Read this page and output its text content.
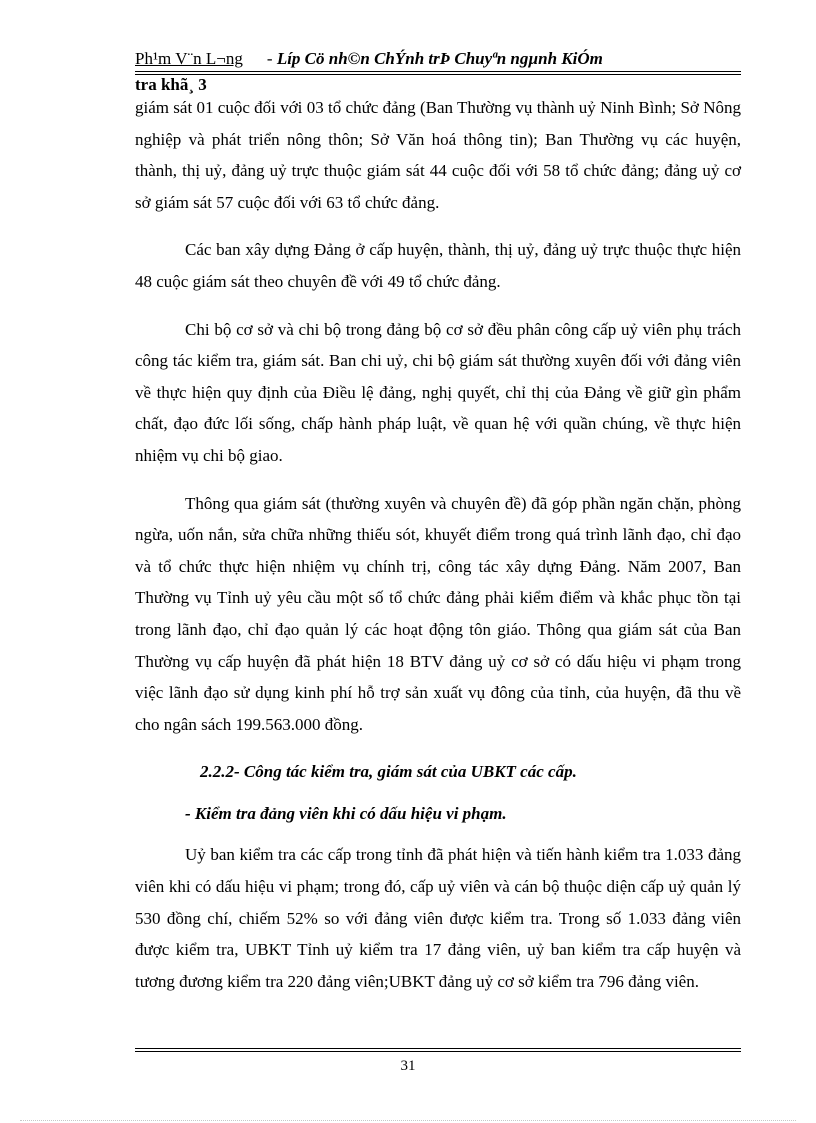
Ph¹m V¨n L¬ng - Líp Cö nh©n ChÝnh trÞ Chuyªn ngµnh KiÓm
tra khã¸ 3

giám sát 01 cuộc đối với 03 tổ chức đảng (Ban Thường vụ thành uỷ Ninh Bình; Sở Nông nghiệp và phát triển nông thôn; Sở Văn hoá thông tin); Ban Thường vụ các huyện, thành, thị uỷ, đảng uỷ trực thuộc giám sát 44 cuộc đối với 58 tổ chức đảng; đảng uỷ cơ sở giám sát 57 cuộc đối với 63 tổ chức đảng.

Các ban xây dựng Đảng ở cấp huyện, thành, thị uỷ, đảng uỷ trực thuộc thực hiện 48 cuộc giám sát theo chuyên đề với 49 tổ chức đảng.

Chi bộ cơ sở và chi bộ trong đảng bộ cơ sở đều phân công cấp uỷ viên phụ trách công tác kiểm tra, giám sát. Ban chi uỷ, chi bộ giám sát thường xuyên đối với đảng viên về thực hiện quy định của Điều lệ đảng, nghị quyết, chỉ thị của Đảng về giữ gìn phẩm chất, đạo đức lối sống, chấp hành pháp luật, về quan hệ với quần chúng, về thực hiện nhiệm vụ chi bộ giao.

Thông qua giám sát (thường xuyên và chuyên đề) đã góp phần ngăn chặn, phòng ngừa, uốn nắn, sửa chữa những thiếu sót, khuyết điểm trong quá trình lãnh đạo, chỉ đạo và tổ chức thực hiện nhiệm vụ chính trị, công tác xây dựng Đảng. Năm 2007, Ban Thường vụ Tỉnh uỷ yêu cầu một số tổ chức đảng phải kiểm điểm và khắc phục tồn tại trong lãnh đạo, chỉ đạo quản lý các hoạt động tôn giáo. Thông qua giám sát của Ban Thường vụ cấp huyện đã phát hiện 18 BTV đảng uỷ cơ sở có dấu hiệu vi phạm trong việc lãnh đạo sử dụng kinh phí hỗ trợ sản xuất vụ đông của tỉnh, của huyện, đã thu về cho ngân sách 199.563.000 đồng.

2.2.2- Công tác kiểm tra, giám sát của UBKT các cấp.
- Kiểm tra đảng viên khi có dấu hiệu vi phạm.

Uỷ ban kiểm tra các cấp trong tỉnh đã phát hiện và tiến hành kiểm tra 1.033 đảng viên khi có dấu hiệu vi phạm; trong đó, cấp uỷ viên và cán bộ thuộc diện cấp uỷ quản lý 530 đồng chí, chiếm 52% so với đảng viên được kiểm tra. Trong số 1.033 đảng viên được kiểm tra, UBKT Tỉnh uỷ kiểm tra 17 đảng viên, uỷ ban kiểm tra cấp huyện và tương đương kiểm tra 220 đảng viên;UBKT đảng uỷ cơ sở kiểm tra 796 đảng viên.

31
